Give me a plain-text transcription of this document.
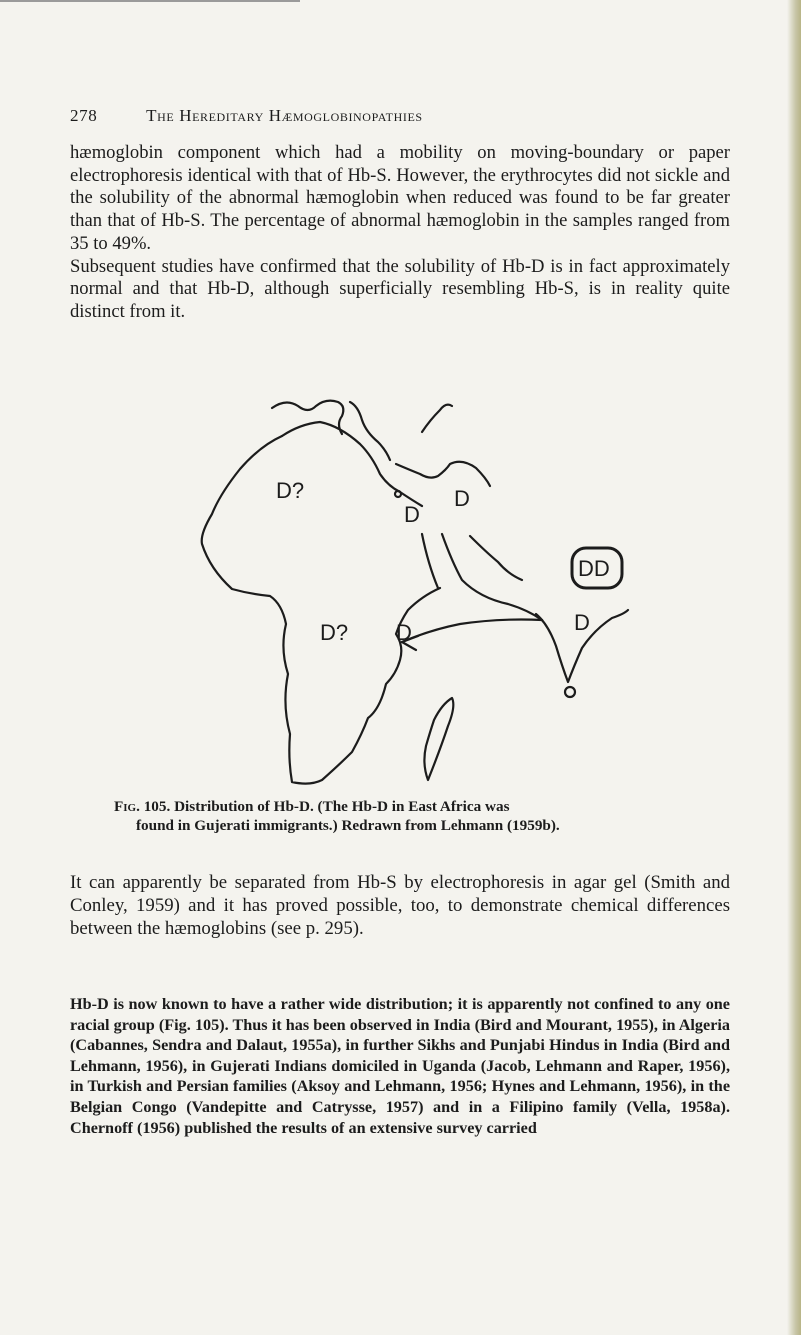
278	The Hereditary Hæmoglobinopathies

hæmoglobin component which had a mobility on moving-boundary or paper electrophoresis identical with that of Hb-S. However, the erythrocytes did not sickle and the solubility of the abnormal hæmoglobin when reduced was found to be far greater than that of Hb-S. The percentage of abnormal hæmoglobin in the samples ranged from 35 to 49%.
Subsequent studies have confirmed that the solubility of Hb-D is in fact approximately normal and that Hb-D, although superficially resembling Hb-S, is in reality quite distinct from it.

D?	D
D
D? D
DD
D
Fig. 105. Distribution of Hb-D. (The Hb-D in East Africa was
found in Gujerati immigrants.) Redrawn from Lehmann (1959b).

It can apparently be separated from Hb-S by electrophoresis in agar gel (Smith and Conley, 1959) and it has proved possible, too, to demonstrate chemical differences between the hæmoglobins (see p. 295).

Hb-D is now known to have a rather wide distribution; it is apparently not confined to any one racial group (Fig. 105). Thus it has been observed in India (Bird and Mourant, 1955), in Algeria (Cabannes, Sendra and Dalaut, 1955a), in further Sikhs and Punjabi Hindus in India (Bird and Lehmann, 1956), in Gujerati Indians domiciled in Uganda (Jacob, Lehmann and Raper, 1956), in Turkish and Persian families (Aksoy and Lehmann, 1956; Hynes and Lehmann, 1956), in the Belgian Congo (Vandepitte and Catrysse, 1957) and in a Filipino family (Vella, 1958a). Chernoff (1956) published the results of an extensive survey carried
